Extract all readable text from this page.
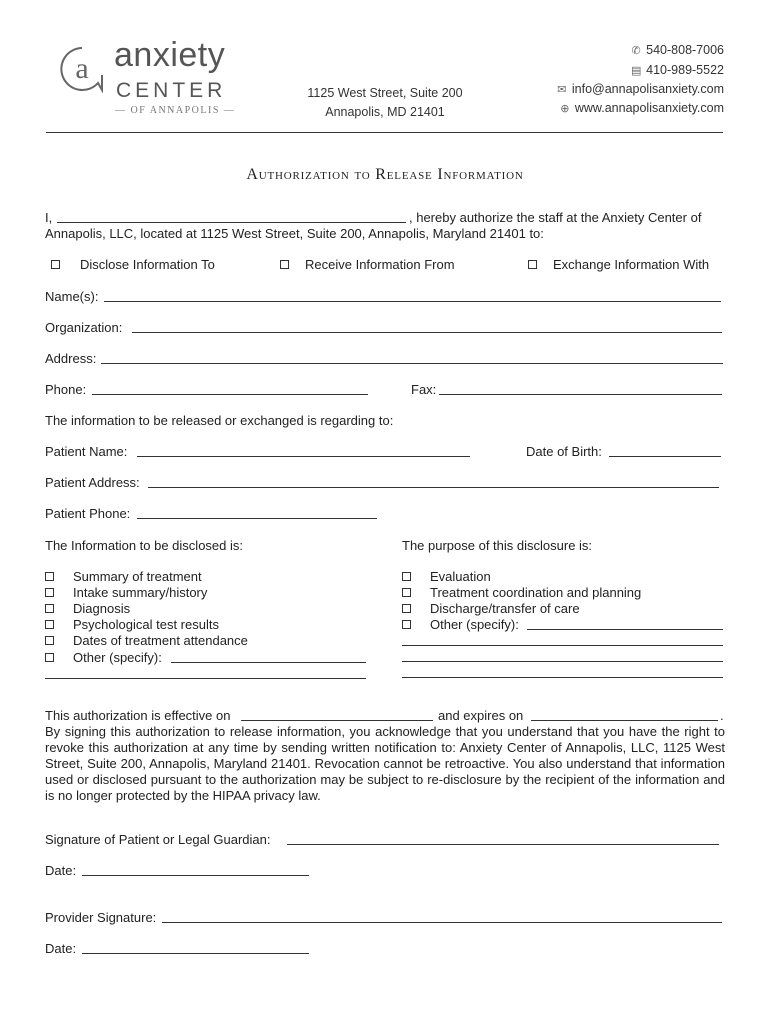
a anxiety
CENTER
— OF ANNAPOLIS —
1125 West Street, Suite 200
Annapolis, MD 21401
✆ 540-808-7006
▤ 410-989-5522
✉ info@annapolisanxiety.com
⊕ www.annapolisanxiety.com
Authorization to Release Information
I,	, hereby authorize the staff at the Anxiety Center of
Annapolis, LLC, located at 1125 West Street, Suite 200, Annapolis, Maryland 21401 to:
Disclose Information To	Receive Information From	Exchange Information With
Name(s):
Organization:
Address:
Phone:	Fax:
The information to be released or exchanged is regarding to:
Patient Name:	Date of Birth:
Patient Address:
Patient Phone:
The Information to be disclosed is:	The purpose of this disclosure is:
Summary of treatment
Intake summary/history
Diagnosis
Psychological test results
Dates of treatment attendance
Other (specify):
Evaluation
Treatment coordination and planning
Discharge/transfer of care
Other (specify):
This authorization is effective on	and expires on	.
By signing this authorization to release information, you acknowledge that you understand that you have the right to revoke this authorization at any time by sending written notification to: Anxiety Center of Annapolis, LLC, 1125 West Street, Suite 200, Annapolis, Maryland 21401. Revocation cannot be retroactive. You also understand that information used or disclosed pursuant to the authorization may be subject to re-disclosure by the recipient of the information and is no longer protected by the HIPAA privacy law.
Signature of Patient or Legal Guardian:
Date:
Provider Signature:
Date:
